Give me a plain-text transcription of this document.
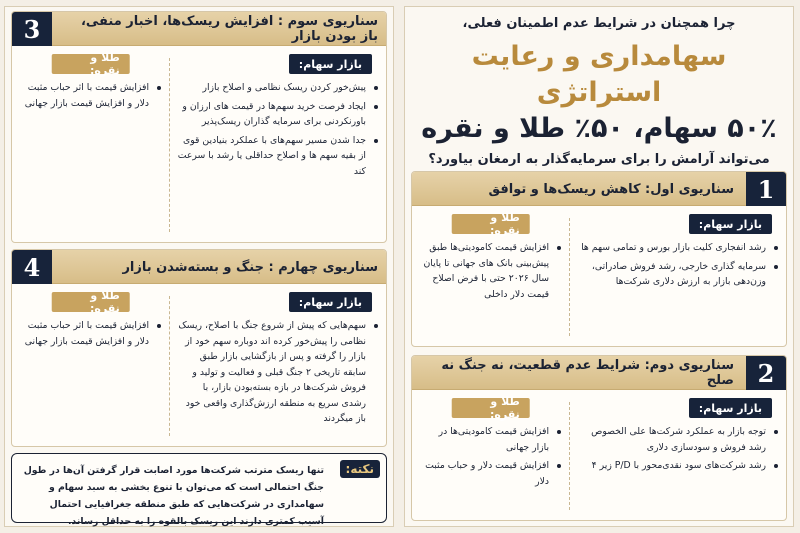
چرا همچنان در شرایط عدم اطمینان فعلی،
سهامداری و رعایت استراتژی
۵۰٪ سهام، ۵۰٪ طلا و نقره
می‌تواند آرامش را برای سرمایه‌گذار به ارمغان بیاورد؟
1
سناریوی اول: کاهش ریسک‌ها و توافق
بازار سهام:
رشد انفجاری کلیت بازار بورس و تمامی سهم ها
سرمایه گذاری خارجی، رشد فروش صادراتی، وزن‌دهی بازار به ارزش دلاری شرکت‌ها
طلا و نقره:
افزایش قیمت کامودیتی‌ها طبق پیش‌بینی بانک های جهانی تا پایان سال ۲۰۲۶ حتی با فرض اصلاح قیمت دلار داخلی
2
سناریوی دوم: شرایط عدم قطعیت، نه جنگ نه صلح
بازار سهام:
توجه بازار به عملکرد شرکت‌ها علی الخصوص رشد فروش و سودسازی دلاری
رشد شرکت‌های سود نقدی‌محور با P/D زیر ۴
طلا و نقره:
افزایش قیمت کامودیتی‌ها در بازار جهانی
افزایش قیمت دلار و حباب مثبت دلار
3	سناریوی سوم : افزایش ریسک‌ها، اخبار منفی، باز بودن بازار
بازار سهام:
پیش‌خور کردن ریسک نظامی و اصلاح بازار
ایجاد فرصت خرید سهم‌ها در قیمت های ارزان و باورنکردنی برای سرمایه گذاران ریسک‌پذیر
جدا شدن مسیر سهم‌های با عملکرد بنیادین قوی از بقیه سهم ها و اصلاح حداقلی یا رشد با سرعت کند
طلا و نقره:
افزایش قیمت با اثر حباب مثبت دلار و افزایش قیمت بازار جهانی
4	سناریوی چهارم : جنگ و بسته‌شدن بازار
بازار سهام:
سهم‌هایی که پیش از شروع جنگ با اصلاح، ریسک نظامی را پیش‌خور کرده اند دوباره سهم خود از بازار را گرفته و پس از بازگشایی بازار طبق سابقه تاریخی ۲ جنگ قبلی و فعالیت و تولید و فروش شرکت‌ها در بازه بسته‌بودن بازار، با رشدی سریع به منطقه ارزش‌گذاری واقعی خود باز میگردند
طلا و نقره:
افزایش قیمت با اثر حباب مثبت دلار و افزایش قیمت بازار جهانی
نکته:
تنها ریسک مترتب شرکت‌ها مورد اصابت قرار گرفتن آن‌ها در طول جنگ احتمالی است که می‌توان با تنوع بخشی به سبد سهام و سهامداری در شرکت‌هایی که طبق منطقه جغرافیایی احتمال آسیب کمتری دارند این ریسک بالقوه را به حداقل رساند.
